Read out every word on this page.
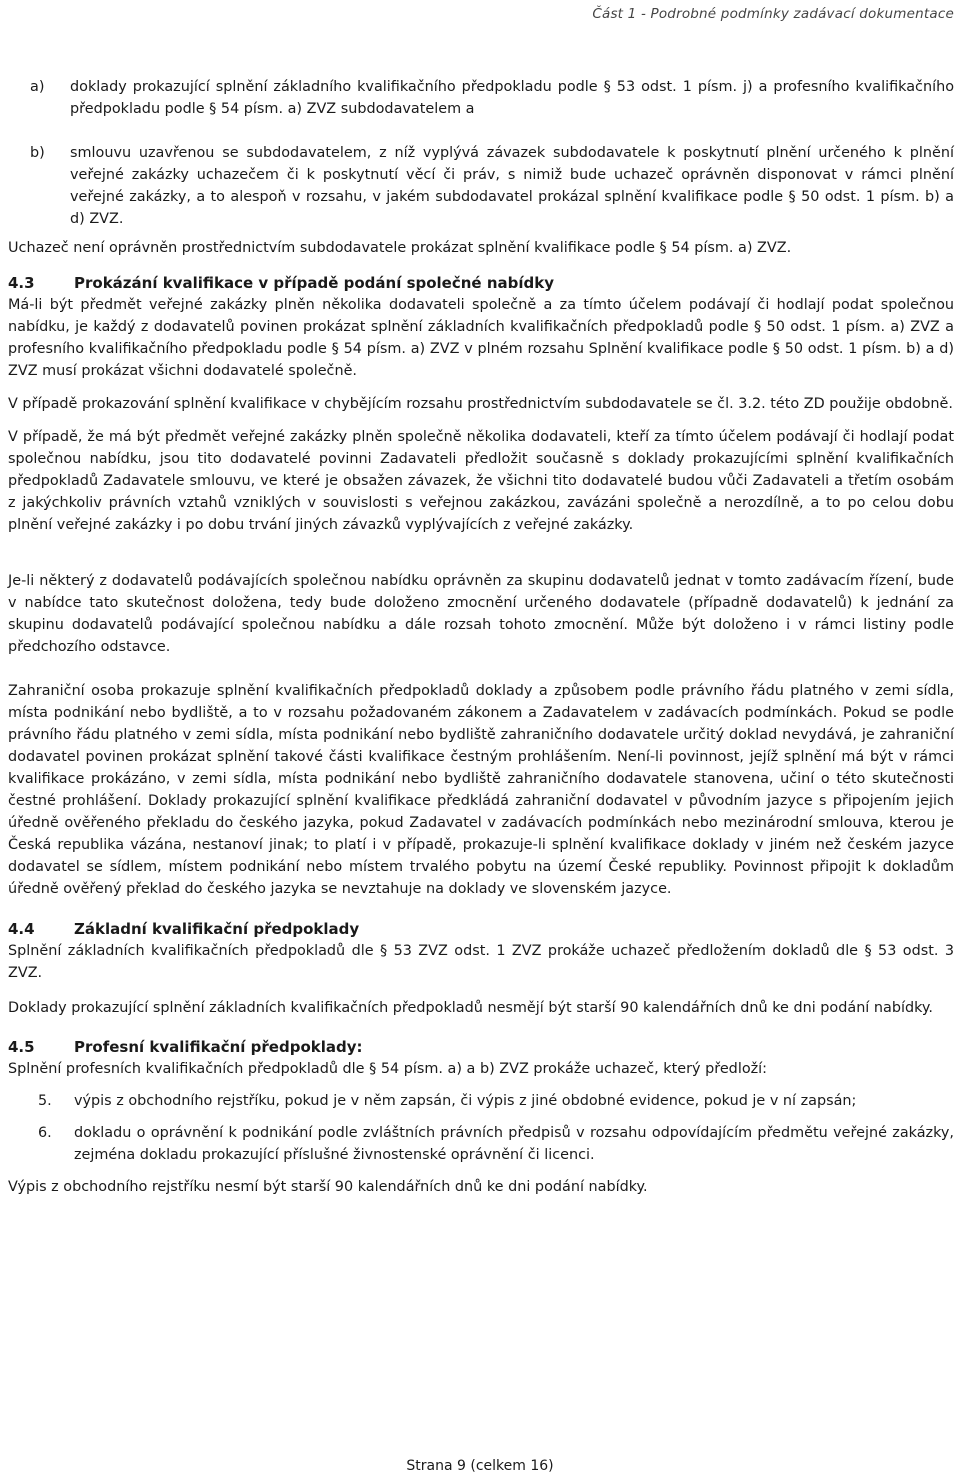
Část 1 - Podrobné podmínky zadávací dokumentace
a)	doklady prokazující splnění základního kvalifikačního předpokladu podle § 53 odst. 1 písm. j) a profesního kvalifikačního předpokladu podle § 54 písm. a) ZVZ subdodavatelem a
b)	smlouvu uzavřenou se subdodavatelem, z níž vyplývá závazek subdodavatele k poskytnutí plnění určeného k plnění veřejné zakázky uchazečem či k poskytnutí věcí či práv, s nimiž bude uchazeč oprávněn disponovat v rámci plnění veřejné zakázky, a to alespoň v rozsahu, v jakém subdodavatel prokázal splnění kvalifikace podle § 50 odst. 1 písm. b) a d) ZVZ.

Uchazeč není oprávněn prostřednictvím subdodavatele prokázat splnění kvalifikace podle § 54 písm. a) ZVZ.

4.3	Prokázání kvalifikace v případě podání společné nabídky

Má-li být předmět veřejné zakázky plněn několika dodavateli společně a za tímto účelem podávají či hodlají podat společnou nabídku, je každý z dodavatelů povinen prokázat splnění základních kvalifikačních předpokladů podle § 50 odst. 1 písm. a) ZVZ a profesního kvalifikačního předpokladu podle § 54 písm. a) ZVZ v plném rozsahu Splnění kvalifikace podle § 50 odst. 1 písm. b) a d) ZVZ musí prokázat všichni dodavatelé společně.

V případě prokazování splnění kvalifikace v chybějícím rozsahu prostřednictvím subdodavatele se čl. 3.2. této ZD použije obdobně.

V případě, že má být předmět veřejné zakázky plněn společně několika dodavateli, kteří za tímto účelem podávají či hodlají podat společnou nabídku, jsou tito dodavatelé povinni Zadavateli předložit současně s doklady prokazujícími splnění kvalifikačních předpokladů Zadavatele smlouvu, ve které je obsažen závazek, že všichni tito dodavatelé budou vůči Zadavateli a třetím osobám z jakýchkoliv právních vztahů vzniklých v souvislosti s veřejnou zakázkou, zavázáni společně a nerozdílně, a to po celou dobu plnění veřejné zakázky i po dobu trvání jiných závazků vyplývajících z veřejné zakázky.

Je-li některý z dodavatelů podávajících společnou nabídku oprávněn za skupinu dodavatelů jednat v tomto zadávacím řízení, bude v nabídce tato skutečnost doložena, tedy bude doloženo zmocnění určeného dodavatele (případně dodavatelů) k jednání za skupinu dodavatelů podávající společnou nabídku a dále rozsah tohoto zmocnění. Může být doloženo i v rámci listiny podle předchozího odstavce.

Zahraniční osoba prokazuje splnění kvalifikačních předpokladů doklady a způsobem podle právního řádu platného v zemi sídla, místa podnikání nebo bydliště, a to v rozsahu požadovaném zákonem a Zadavatelem v zadávacích podmínkách. Pokud se podle právního řádu platného v zemi sídla, místa podnikání nebo bydliště zahraničního dodavatele určitý doklad nevydává, je zahraniční dodavatel povinen prokázat splnění takové části kvalifikace čestným prohlášením. Není-li povinnost, jejíž splnění má být v rámci kvalifikace prokázáno, v zemi sídla, místa podnikání nebo bydliště zahraničního dodavatele stanovena, učiní o této skutečnosti čestné prohlášení. Doklady prokazující splnění kvalifikace předkládá zahraniční dodavatel v původním jazyce s připojením jejich úředně ověřeného překladu do českého jazyka, pokud Zadavatel v zadávacích podmínkách nebo mezinárodní smlouva, kterou je Česká republika vázána, nestanoví jinak; to platí i v případě, prokazuje-li splnění kvalifikace doklady v jiném než českém jazyce dodavatel se sídlem, místem podnikání nebo místem trvalého pobytu na území České republiky. Povinnost připojit k dokladům úředně ověřený překlad do českého jazyka se nevztahuje na doklady ve slovenském jazyce.

4.4	Základní kvalifikační předpoklady

Splnění základních kvalifikačních předpokladů dle § 53 ZVZ odst. 1 ZVZ prokáže uchazeč předložením dokladů dle § 53 odst. 3 ZVZ.

Doklady prokazující splnění základních kvalifikačních předpokladů nesmějí být starší 90 kalendářních dnů ke dni podání nabídky.

4.5	Profesní kvalifikační předpoklady:

Splnění profesních kvalifikačních předpokladů dle § 54 písm. a) a b) ZVZ prokáže uchazeč, který předloží:

5.	výpis z obchodního rejstříku, pokud je v něm zapsán, či výpis z jiné obdobné evidence, pokud je v ní zapsán;
6.	dokladu o oprávnění k podnikání podle zvláštních právních předpisů v rozsahu odpovídajícím předmětu veřejné zakázky, zejména dokladu prokazující příslušné živnostenské oprávnění či licenci.

Výpis z obchodního rejstříku nesmí být starší 90 kalendářních dnů ke dni podání nabídky.

Strana 9 (celkem 16)
